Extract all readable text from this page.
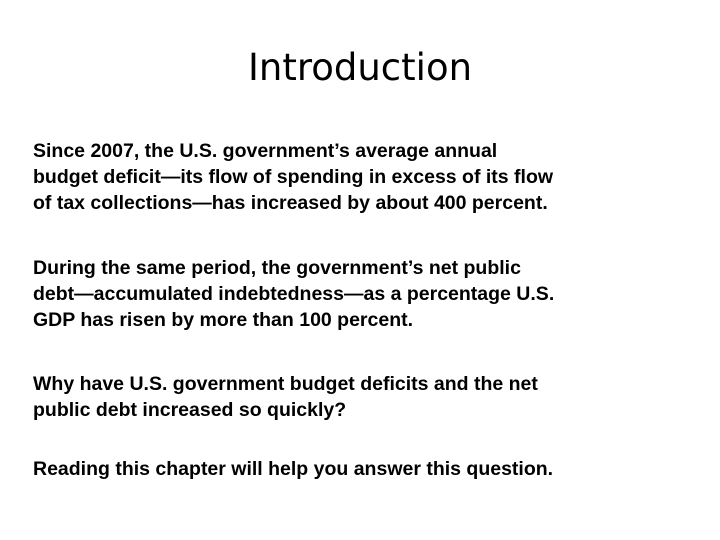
Introduction

Since 2007, the U.S. government’s average annual
budget deficit—its flow of spending in excess of its flow
of tax collections—has increased by about 400 percent.

During the same period, the government’s net public
debt—accumulated indebtedness—as a percentage U.S.
GDP has risen by more than 100 percent.

Why have U.S. government budget deficits and the net
public debt increased so quickly?

Reading this chapter will help you answer this question.
